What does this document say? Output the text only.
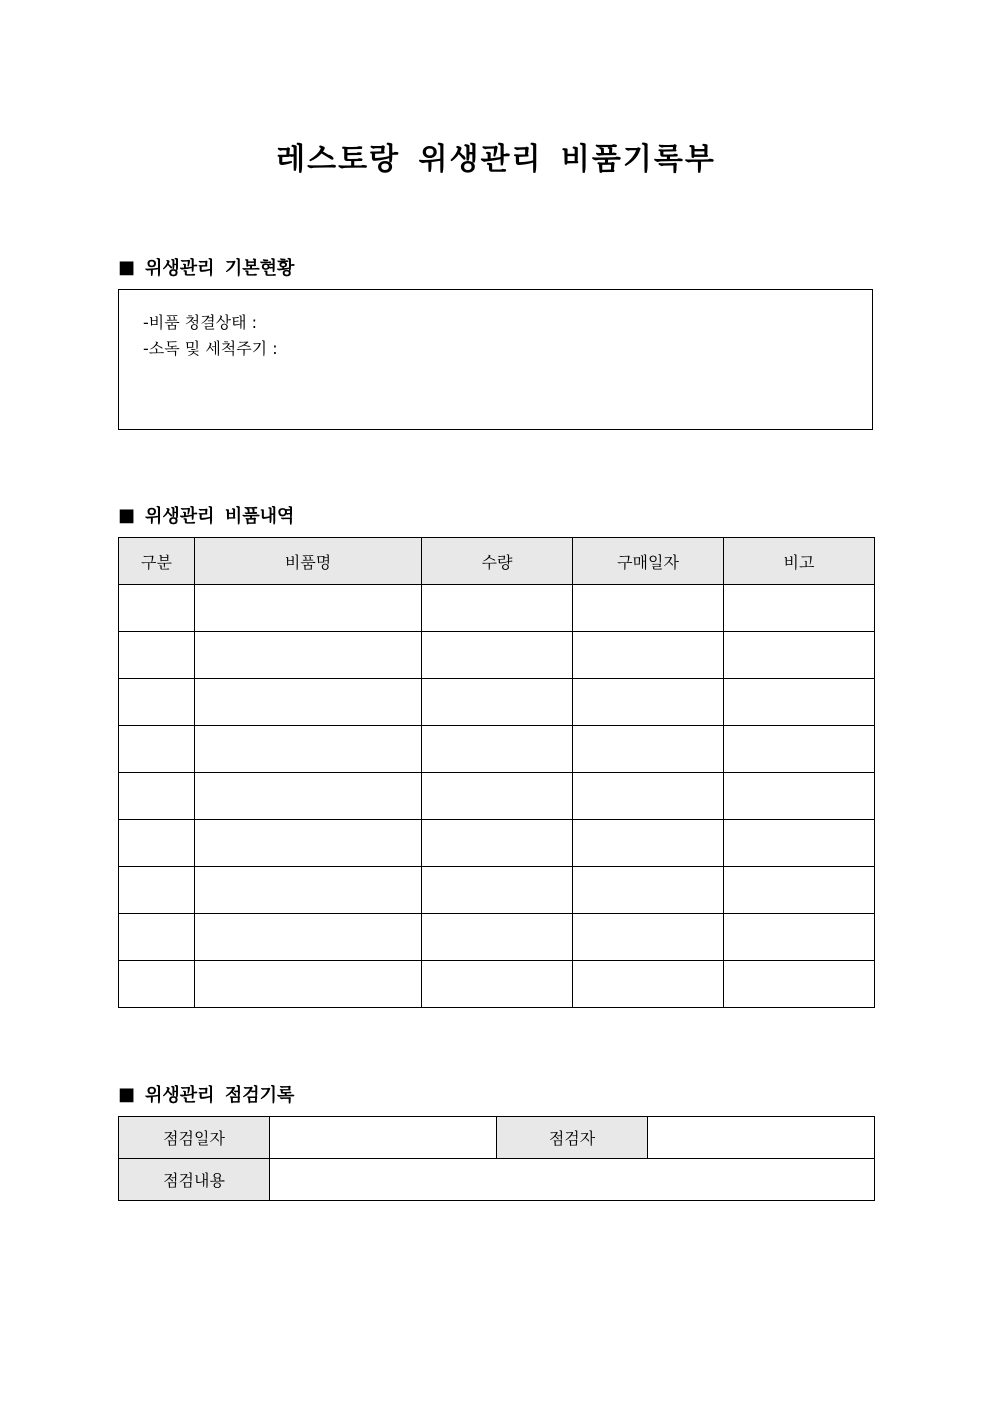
레스토랑 위생관리 비품기록부
■ 위생관리 기본현황
-비품 청결상태 :
-소독 및 세척주기 :
■ 위생관리 비품내역
구분	비품명	수량	구매일자	비고

■ 위생관리 점검기록
점검일자		점검자	
점검내용			
